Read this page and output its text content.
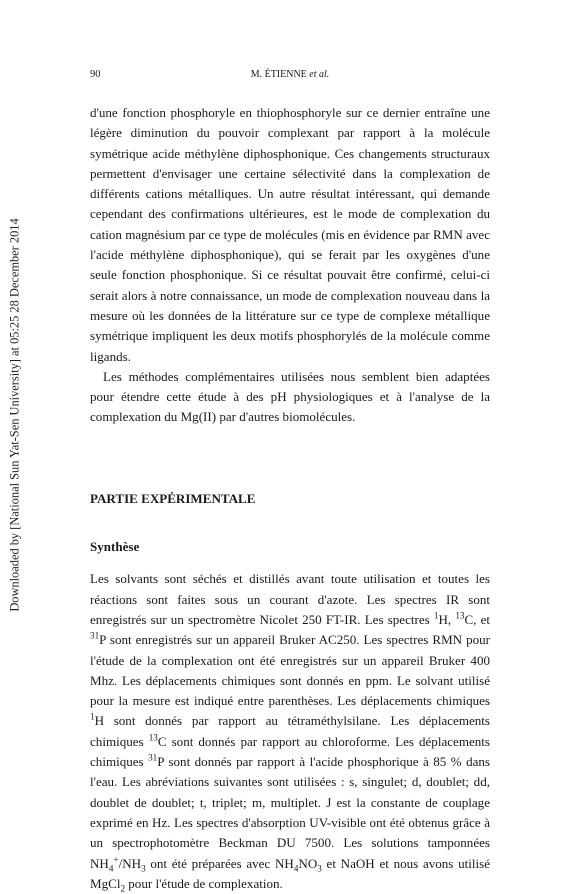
Downloaded by [National Sun Yat-Sen University] at 05:25 28 December 2014
90	M. ÉTIENNE et al.

d'une fonction phosphoryle en thiophosphoryle sur ce dernier entraîne une légère diminution du pouvoir complexant par rapport à la molécule symétrique acide méthylène diphosphonique. Ces changements structuraux permettent d'envisager une certaine sélectivité dans la complexation de différents cations métalliques. Un autre résultat intéressant, qui demande cependant des confirmations ultérieures, est le mode de complexation du cation magnésium par ce type de molécules (mis en évidence par RMN avec l'acide méthylène diphosphonique), qui se ferait par les oxygènes d'une seule fonction phosphonique. Si ce résultat pouvait être confirmé, celui-ci serait alors à notre connaissance, un mode de complexation nouveau dans la mesure où les données de la littérature sur ce type de complexe métallique symétrique impliquent les deux motifs phosphorylés de la molécule comme ligands.

Les méthodes complémentaires utilisées nous semblent bien adaptées pour étendre cette étude à des pH physiologiques et à l'analyse de la complexation du Mg(II) par d'autres biomolécules.

PARTIE EXPÉRIMENTALE

Synthèse

Les solvants sont séchés et distillés avant toute utilisation et toutes les réactions sont faites sous un courant d'azote. Les spectres IR sont enregistrés sur un spectromètre Nicolet 250 FT-IR. Les spectres $^1$H, $^{13}$C, et $^{31}$P sont enregistrés sur un appareil Bruker AC250. Les spectres RMN pour l'étude de la complexation ont été enregistrés sur un appareil Bruker 400 Mhz. Les déplacements chimiques sont donnés en ppm. Le solvant utilisé pour la mesure est indiqué entre parenthèses. Les déplacements chimiques $^1$H sont donnés par rapport au tétraméthylsilane. Les déplacements chimiques $^{13}$C sont donnés par rapport au chloroforme. Les déplacements chimiques $^{31}$P sont donnés par rapport à l'acide phosphorique à 85 % dans l'eau. Les abréviations suivantes sont utilisées : s, singulet; d, doublet; dd, doublet de doublet; t, triplet; m, multiplet. J est la constante de couplage exprimé en Hz. Les spectres d'absorption UV-visible ont été obtenus grâce à un spectrophotomètre Beckman DU 7500. Les solutions tamponnées $NH_4^+/NH_3$ ont été préparées avec $NH_4NO_3$ et NaOH et nous avons utilisé MgCl$_2$ pour l'étude de complexation.
